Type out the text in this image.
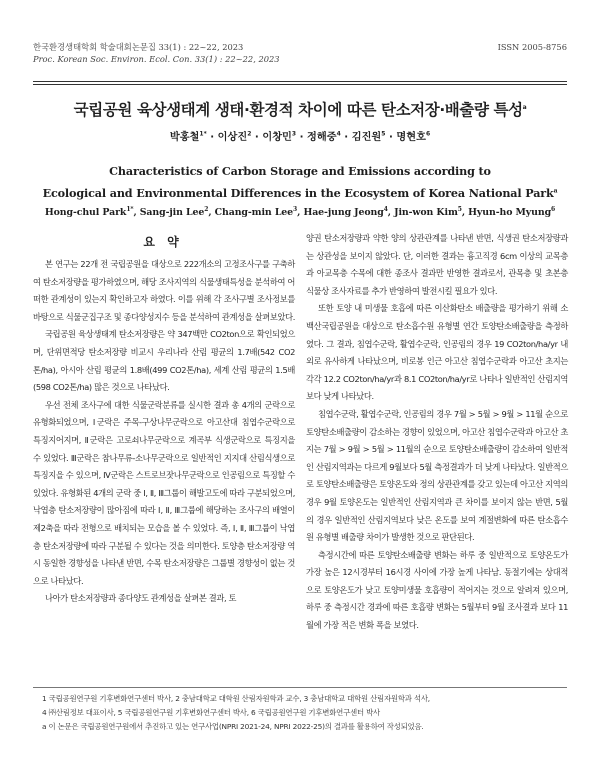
한국환경생태학회 학술대회논문집 33(1) : 22~22, 2023
Proc. Korean Soc. Environ. Ecol. Con. 33(1) : 22~22, 2023
ISSN 2005-8756
국립공원 육상생태계 생태·환경적 차이에 따른 탄소저장·배출량 특성$^a$
박홍철$^{1*}$ · 이상진$^2$ · 이창민$^3$ · 정해중$^4$ · 김진원$^5$ · 명현호$^6$
Characteristics of Carbon Storage and Emissions according to
Ecological and Environmental Differences in the Ecosystem of Korea National Park$^a$
Hong-chul Park$^{1*}$, Sang-jin Lee$^2$, Chang-min Lee$^3$, Hae-jung Jeong$^4$, Jin-won Kim$^5$, Hyun-ho Myung$^6$
요 약

본 연구는 22개 전 국립공원을 대상으로 222개소의 고정조사구를 구축하여 탄소저장량을 평가하였으며, 해당 조사지역의 식물생태특성을 분석하여 어떠한 관계성이 있는지 확인하고자 하였다. 이를 위해 각 조사구별 조사정보를 바탕으로 식물군집구조 및 종다양성지수 등을 분석하여 관계성을 살펴보았다.

국립공원 육상생태계 탄소저장량은 약 347백만 CO2ton으로 확인되었으며, 단위면적당 탄소저장량 비교시 우리나라 산림 평균의 1.7배(542 CO2톤/ha), 아시아 산림 평균의 1.8배(499 CO2톤/ha), 세계 산림 평균의 1.5배(598 CO2톤/ha) 많은 것으로 나타났다.

우선 전체 조사구에 대한 식물군락분류를 실시한 결과 총 4개의 군락으로 유형화되었으며, Ⅰ군락은 주목-구상나무군락으로 아고산대 침엽수군락으로 특징지어지며, Ⅱ군락은 고로쇠나무군락으로 계곡부 식생군락으로 특징지을 수 있었다. Ⅲ군락은 참나무류-소나무군락으로 일반적인 지지대 산림식생으로 특징지을 수 있으며, Ⅳ군락은 스트로브잣나무군락으로 인공림으로 특징할 수 있었다. 유형화된 4개의 군락 중 Ⅰ, Ⅱ, Ⅲ그룹이 해발고도에 따라 구분되었으며, 낙엽층 탄소저장량이 많아짐에 따라 Ⅰ, Ⅱ, Ⅲ그룹에 해당하는 조사구의 배열이 제2축을 따라 전형으로 배치되는 모습을 볼 수 있었다. 즉, Ⅰ, Ⅱ, Ⅲ그룹이 낙엽층 탄소저장량에 따라 구분될 수 있다는 것을 의미한다. 토양층 탄소저장량 역시 동일한 경향성을 나타낸 반면, 수목 탄소저장량은 그룹별 경향성이 없는 것으로 나타났다.

나아가 탄소저장량과 종다양도 관계성을 살펴본 결과, 토

양권 탄소저장량과 약한 양의 상관관계를 나타낸 반면, 식생권 탄소저장량과는 상관성을 보이지 않았다. 단, 이러한 결과는 흉고직경 6cm 이상의 교목층과 아교목층 수목에 대한 종조사 결과만 반영한 결과로서, 관목층 및 초본층 식물상 조사자료를 추가 반영하여 발전시킬 필요가 있다.

또한 토양 내 미생물 호흡에 따른 이산화탄소 배출량을 평가하기 위해 소백산국립공원을 대상으로 탄소흡수원 유형별 연간 토양탄소배출량을 측정하였다. 그 결과, 침엽수군락, 활엽수군락, 인공림의 경우 19 CO2ton/ha/yr 내외로 유사하게 나타났으며, 비로봉 인근 아고산 침엽수군락과 아고산 초지는 각각 12.2 CO2ton/ha/yr과 8.1 CO2ton/ha/yr로 나타나 일반적인 산림지역 보다 낮게 나타났다.

침엽수군락, 활엽수군락, 인공림의 경우 7월 > 5월 > 9월 > 11월 순으로 토양탄소배출량이 감소하는 경향이 있었으며, 아고산 침엽수군락과 아고산 초지는 7월 > 9월 > 5월 > 11월의 순으로 토양탄소배출량이 감소하여 일반적인 산림지역과는 다르게 9월보다 5월 측정결과가 더 낮게 나타났다. 일반적으로 토양탄소배출량은 토양온도와 정의 상관관계를 갖고 있는데 아고산 지역의 경우 9월 토양온도는 일반적인 산림지역과 큰 차이를 보이지 않는 반면, 5월의 경우 일반적인 산림지역보다 낮은 온도를 보여 계절변화에 따른 탄소흡수원 유형별 배출량 차이가 발생한 것으로 판단된다.

측정시간에 따른 토양탄소배출량 변화는 하루 중 일반적으로 토양온도가 가장 높은 12시경부터 16시경 사이에 가장 높게 나타남. 동절기에는 상대적으로 토양온도가 낮고 토양미생물 호흡량이 적어지는 것으로 알려져 있으며, 하루 중 측정시간 경과에 따른 호흡량 변화는 5월부터 9월 조사결과 보다 11월에 가장 적은 변화 폭을 보였다.

1 국립공원연구원 기후변화연구센터 박사, 2 충남대학교 대학원 산림자원학과 교수, 3 충남대학교 대학원 산림자원학과 석사,
4 ㈜산림정보 대표이사, 5 국립공원연구원 기후변화연구센터 박사, 6 국립공원연구원 기후변화연구센터 박사
a 이 논문은 국립공원연구원에서 추진하고 있는 연구사업(NPRI 2021-24, NPRI 2022-25)의 결과를 활용하여 작성되었음.
